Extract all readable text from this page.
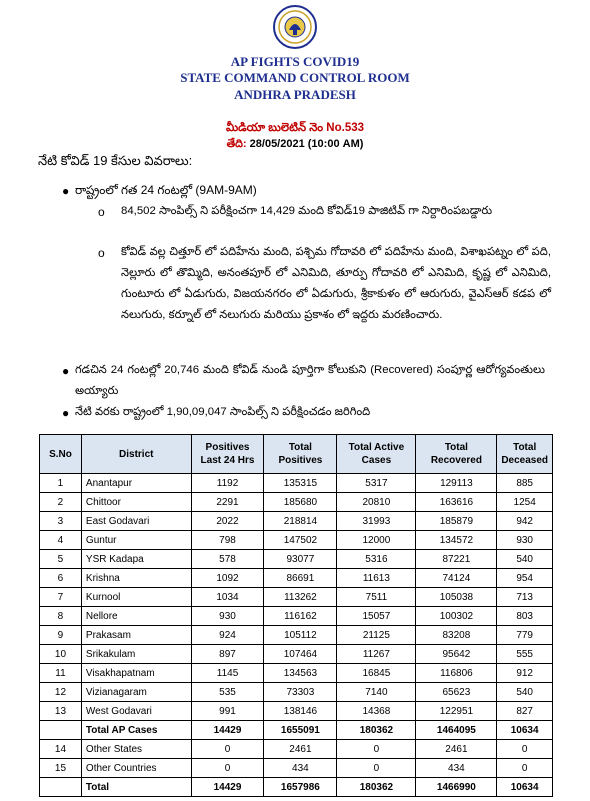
AP FIGHTS COVID19
STATE COMMAND CONTROL ROOM
ANDHRA PRADESH
మీడియా బులెటిన్ నెం No.533
తేది: 28/05/2021 (10:00 AM)
నేటి కోవిడ్ 19 కేసుల వివరాలు:
● రాష్ట్రంలో గత 24 గంటల్లో (9AM-9AM)
o 84,502 సాంపిల్స్ ని పరీక్షించగా 14,429 మంది కోవిడ్19 పాజిటివ్ గా నిర్దారింపబడ్డారు
o కోవిడ్ వల్ల చిత్తూర్ లో పదిహేను మంది, పశ్చిమ గోదావరి లో పదిహేను మంది, విశాఖపట్నం లో పది, నెల్లూరు లో తొమ్మిది, అనంతపూర్ లో ఎనిమిది, తూర్పు గోదావరి లో ఎనిమిది, కృష్ణ లో ఎనిమిది, గుంటూరు లో ఏడుగురు, విజయనగరం లో ఏడుగురు, శ్రీకాకుళం లో ఆరుగురు, వైఎస్ఆర్ కడప లో నలుగురు, కర్నూల్ లో నలుగురు మరియు ప్రకాశం లో ఇద్దరు మరణించారు.
● గడచిన 24 గంటల్లో 20,746 మంది కోవిడ్ నుండి పూర్తిగా కోలుకుని (Recovered) సంపూర్ణ ఆరోగ్యవంతులు అయ్యారు
● నేటి వరకు రాష్ట్రంలో 1,90,09,047 సాంపిల్స్ ని పరీక్షించడం జరిగింది
S.No	District	Positives Last 24 Hrs	Total Positives	Total Active Cases	Total Recovered	Total Deceased
1	Anantapur	1192	135315	5317	129113	885
2	Chittoor	2291	185680	20810	163616	1254
3	East Godavari	2022	218814	31993	185879	942
4	Guntur	798	147502	12000	134572	930
5	YSR Kadapa	578	93077	5316	87221	540
6	Krishna	1092	86691	11613	74124	954
7	Kurnool	1034	113262	7511	105038	713
8	Nellore	930	116162	15057	100302	803
9	Prakasam	924	105112	21125	83208	779
10	Srikakulam	897	107464	11267	95642	555
11	Visakhapatnam	1145	134563	16845	116806	912
12	Vizianagaram	535	73303	7140	65623	540
13	West Godavari	991	138146	14368	122951	827
	Total AP Cases	14429	1655091	180362	1464095	10634
14	Other States	0	2461	0	2461	0
15	Other Countries	0	434	0	434	0
	Total	14429	1657986	180362	1466990	10634
